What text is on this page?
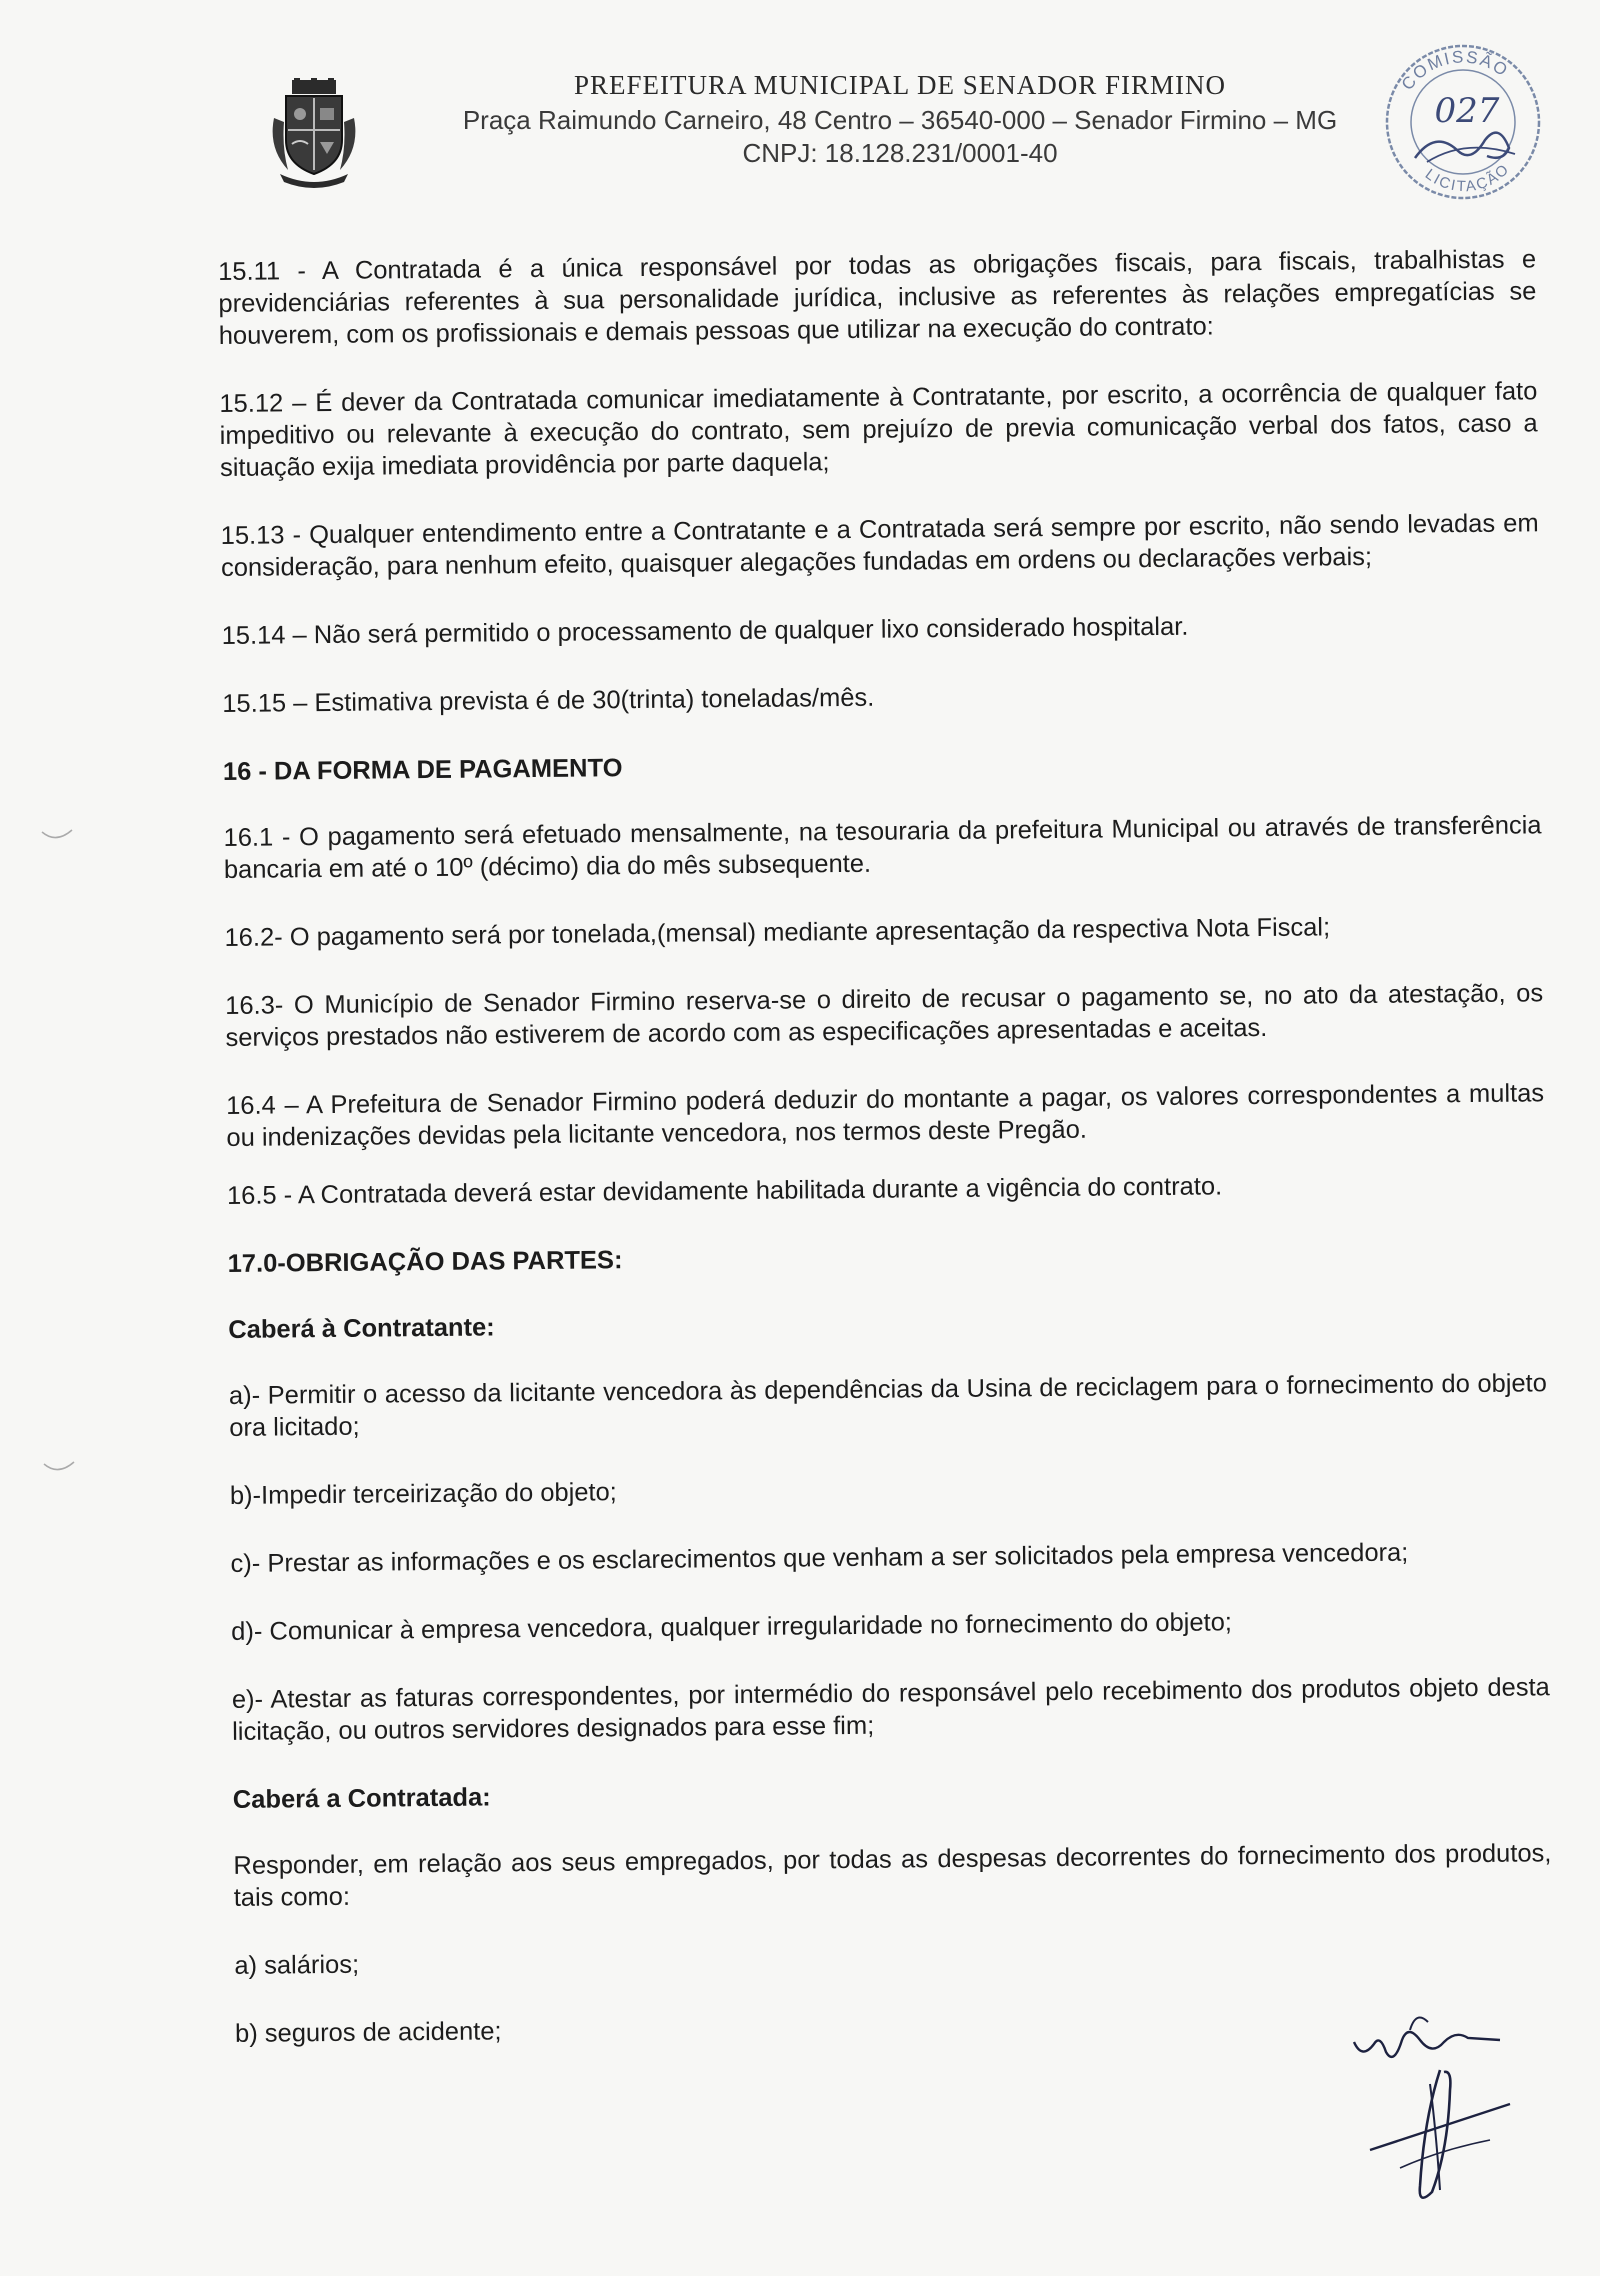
PREFEITURA MUNICIPAL DE SENADOR FIRMINO

Praça Raimundo Carneiro, 48 Centro – 36540-000 – Senador Firmino – MG

CNPJ: 18.128.231/0001-40

COMISSÃO
LICITAÇÃO
027

15.11 - A Contratada é a única responsável por todas as obrigações fiscais, para fiscais, trabalhistas e previdenciárias referentes à sua personalidade jurídica, inclusive as referentes às relações empregatícias se houverem, com os profissionais e demais pessoas que utilizar na execução do contrato:

15.12 – É dever da Contratada comunicar imediatamente à Contratante, por escrito, a ocorrência de qualquer fato impeditivo ou relevante à execução do contrato, sem prejuízo de previa comunicação verbal dos fatos, caso a situação exija imediata providência por parte daquela;

15.13 - Qualquer entendimento entre a Contratante e a Contratada será sempre por escrito, não sendo levadas em consideração, para nenhum efeito, quaisquer alegações fundadas em ordens ou declarações verbais;

15.14 – Não será permitido o processamento de qualquer lixo considerado hospitalar.

15.15 – Estimativa prevista é de 30(trinta) toneladas/mês.

16 - DA FORMA DE PAGAMENTO

16.1 - O pagamento será efetuado mensalmente, na tesouraria da prefeitura Municipal ou através de transferência bancaria em até o 10º (décimo) dia do mês subsequente.

16.2- O pagamento será por tonelada,(mensal) mediante apresentação da respectiva Nota Fiscal;

16.3- O Município de Senador Firmino reserva-se o direito de recusar o pagamento se, no ato da atestação, os serviços prestados não estiverem de acordo com as especificações apresentadas e aceitas.

16.4 – A Prefeitura de Senador Firmino poderá deduzir do montante a pagar, os valores correspondentes a multas ou indenizações devidas pela licitante vencedora, nos termos deste Pregão.

16.5 - A Contratada deverá estar devidamente habilitada durante a vigência do contrato.

17.0-OBRIGAÇÃO DAS PARTES:

Caberá à Contratante:

a)- Permitir o acesso da licitante vencedora às dependências da Usina de reciclagem para o fornecimento do objeto ora licitado;

b)-Impedir terceirização do objeto;

c)- Prestar as informações e os esclarecimentos que venham a ser solicitados pela empresa vencedora;

d)- Comunicar à empresa vencedora, qualquer irregularidade no fornecimento do objeto;

e)- Atestar as faturas correspondentes, por intermédio do responsável pelo recebimento dos produtos objeto desta licitação, ou outros servidores designados para esse fim;

Caberá a Contratada:

Responder, em relação aos seus empregados, por todas as despesas decorrentes do fornecimento dos produtos, tais como:

a) salários;

b) seguros de acidente;
